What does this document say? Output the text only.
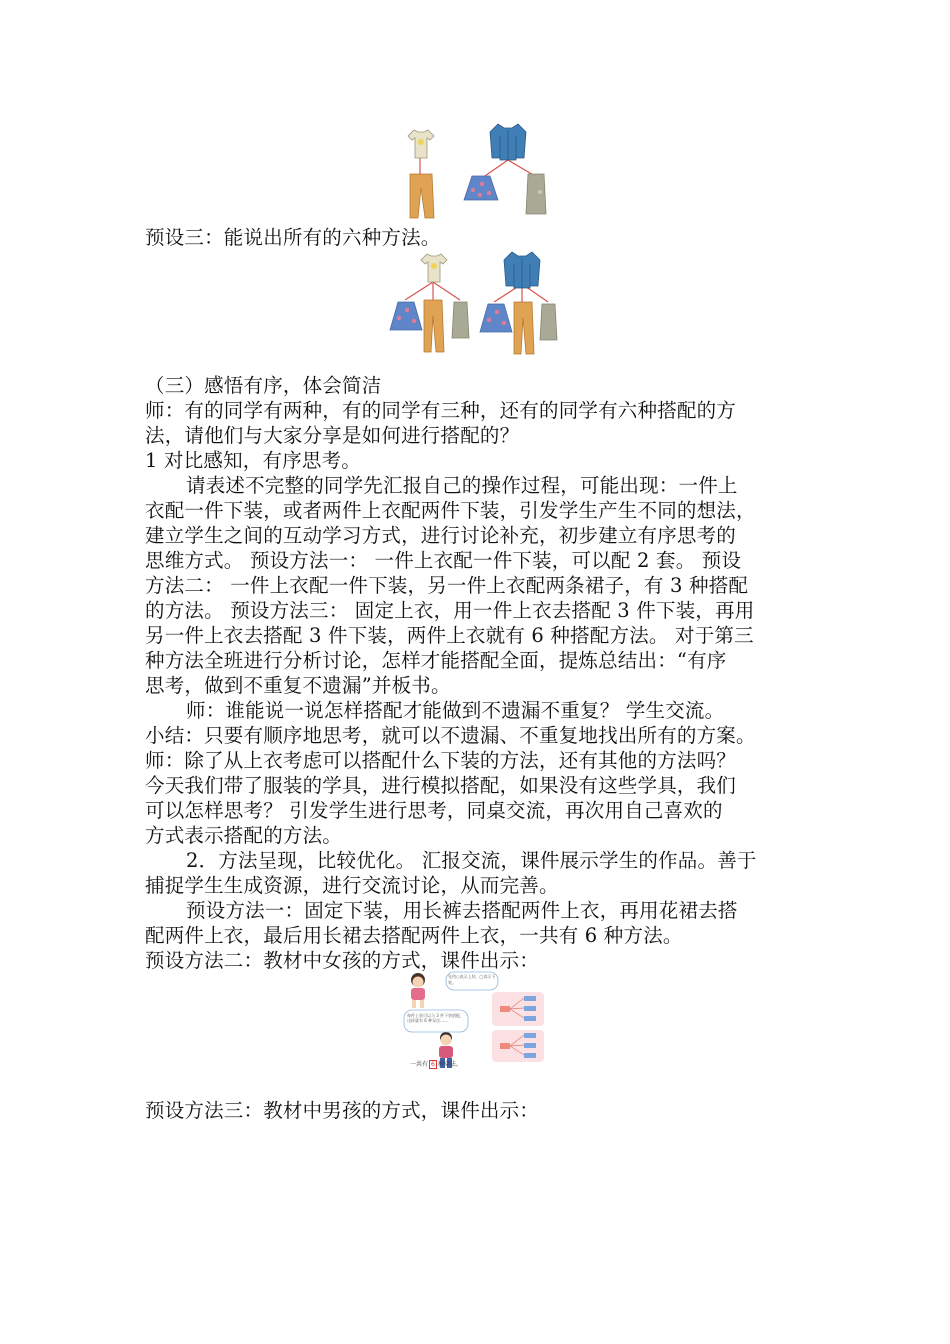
预设三：能说出所有的六种方法。
（三）感悟有序，体会简洁
师：有的同学有两种，有的同学有三种，还有的同学有六种搭配的方
法，请他们与大家分享是如何进行搭配的？
1 对比感知，有序思考。
请表述不完整的同学先汇报自己的操作过程，可能出现：一件上
衣配一件下装，或者两件上衣配两件下装，引发学生产生不同的想法，
建立学生之间的互动学习方式，进行讨论补充，初步建立有序思考的
思维方式。 预设方法一： 一件上衣配一件下装，可以配 2 套。 预设
方法二： 一件上衣配一件下装，另一件上衣配两条裙子，有 3 种搭配
的方法。 预设方法三： 固定上衣，用一件上衣去搭配 3 件下装，再用
另一件上衣去搭配 3 件下装，两件上衣就有 6 种搭配方法。 对于第三
种方法全班进行分析讨论，怎样才能搭配全面，提炼总结出：“有序
思考，做到不重复不遗漏”并板书。
师：谁能说一说怎样搭配才能做到不遗漏不重复？ 学生交流。
小结：只要有顺序地思考，就可以不遗漏、不重复地找出所有的方案。
师：除了从上衣考虑可以搭配什么下装的方法，还有其他的方法吗？
今天我们带了服装的学具，进行模拟搭配，如果没有这些学具，我们
可以怎样思考？ 引发学生进行思考，同桌交流，再次用自己喜欢的
方式表示搭配的方法。
2．方法呈现，比较优化。 汇报交流，课件展示学生的作品。善于
捕捉学生生成资源，进行交流讨论，从而完善。
预设方法一：固定下装，用长裤去搭配两件上衣，再用花裙去搭
配两件上衣，最后用长裙去搭配两件上衣，一共有 6 种方法。
预设方法二：教材中女孩的方式，课件出示：
先用○表示上装，□表示下装。
每件上装可以与 3 件下装搭配，这样就有 6 种穿法……
一共有 6 种穿法。
预设方法三：教材中男孩的方式，课件出示：
